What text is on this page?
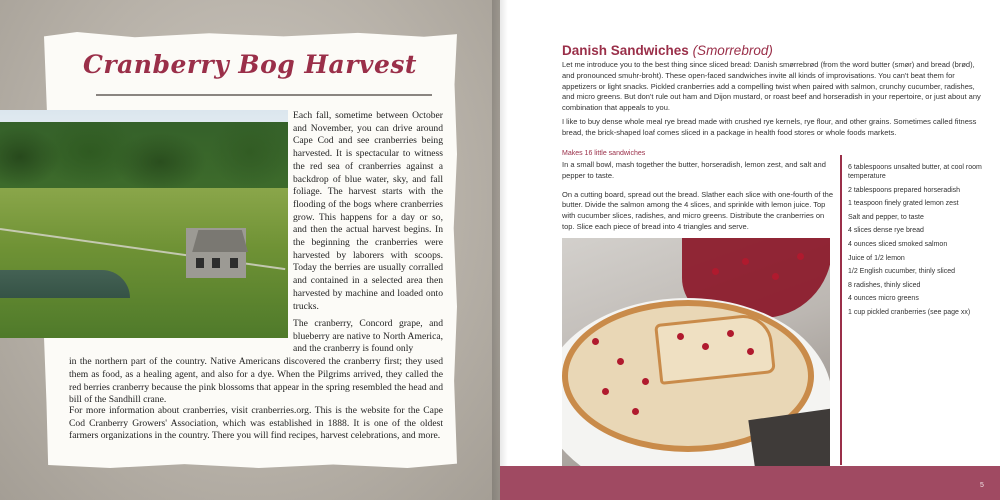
Cranberry Bog Harvest

Each fall, sometime between October and November, you can drive around Cape Cod and see cranberries being harvested. It is spectacular to witness the red sea of cranberries against a backdrop of blue water, sky, and fall foliage. The harvest starts with the flooding of the bogs where cranberries grow. This happens for a day or so, and then the actual harvest begins. In the beginning the cranberries were harvested by laborers with scoops. Today the berries are usually corralled and contained in a selected area then harvested by machine and loaded onto trucks.

The cranberry, Concord grape, and blueberry are native to North America, and the cranberry is found only

in the northern part of the country. Native Americans discovered the cranberry first; they used them as food, as a healing agent, and also for a dye. When the Pilgrims arrived, they called the red berries cranberry because the pink blossoms that appear in the spring resembled the head and bill of the Sandhill crane.

For more information about cranberries, visit cranberries.org. This is the website for the Cape Cod Cranberry Growers' Association, which was established in 1888. It is one of the oldest farmers organizations in the country. There you will find recipes, harvest celebrations, and more.

Danish Sandwiches (Smorrebrod)

Let me introduce you to the best thing since sliced bread: Danish smørrebrød (from the word butter (smør) and bread (brød), and pronounced smuhr-broht). These open-faced sandwiches invite all kinds of improvisations. You can't beat them for appetizers or light snacks. Pickled cranberries add a compelling twist when paired with salmon, crunchy cucumber, radishes, and micro greens. But don't rule out ham and Dijon mustard, or roast beef and horseradish in your repertoire, or just about any combination that appeals to you.

I like to buy dense whole meal rye bread made with crushed rye kernels, rye flour, and other grains. Sometimes called fitness bread, the brick-shaped loaf comes sliced in a package in health food stores or whole foods markets.

Makes 16 little sandwiches

In a small bowl, mash together the butter, horseradish, lemon zest, and salt and pepper to taste.

On a cutting board, spread out the bread. Slather each slice with one-fourth of the butter. Divide the salmon among the 4 slices, and sprinkle with lemon juice. Top with cucumber slices, radishes, and micro greens. Distribute the cranberries on top. Slice each piece of bread into 4 triangles and serve.

6 tablespoons unsalted butter, at cool room temperature
2 tablespoons prepared horseradish
1 teaspoon finely grated lemon zest
Salt and pepper, to taste
4 slices dense rye bread
4 ounces sliced smoked salmon
Juice of 1/2 lemon
1/2 English cucumber, thinly sliced
8 radishes, thinly sliced
4 ounces micro greens
1 cup pickled cranberries (see page xx)

5
